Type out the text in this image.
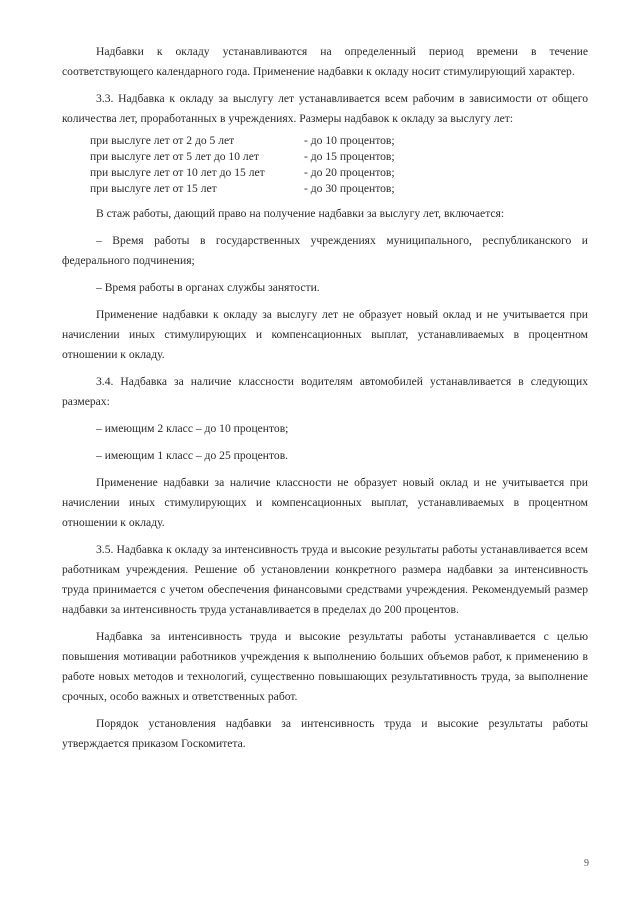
Надбавки к окладу устанавливаются на определенный период времени в течение соответствующего календарного года. Применение надбавки к окладу носит стимулирующий характер.

3.3. Надбавка к окладу за выслугу лет устанавливается всем рабочим в зависимости от общего количества лет, проработанных в учреждениях. Размеры надбавок к окладу за выслугу лет:

при выслуге лет от 2 до 5 лет	- до 10 процентов;
при выслуге лет от 5 лет до 10 лет	- до 15 процентов;
при выслуге лет от 10 лет до 15 лет	- до 20 процентов;
при выслуге лет от 15 лет	- до 30 процентов;

В стаж работы, дающий право на получение надбавки за выслугу лет, включается:

– Время работы в государственных учреждениях муниципального, республиканского и федерального подчинения;

– Время работы в органах службы занятости.

Применение надбавки к окладу за выслугу лет не образует новый оклад и не учитывается при начислении иных стимулирующих и компенсационных выплат, устанавливаемых в процентном отношении к окладу.

3.4. Надбавка за наличие классности водителям автомобилей устанавливается в следующих размерах:

– имеющим 2 класс – до 10 процентов;

– имеющим 1 класс – до 25 процентов.

Применение надбавки за наличие классности не образует новый оклад и не учитывается при начислении иных стимулирующих и компенсационных выплат, устанавливаемых в процентном отношении к окладу.

3.5. Надбавка к окладу за интенсивность труда и высокие результаты работы устанавливается всем работникам учреждения. Решение об установлении конкретного размера надбавки за интенсивность труда принимается с учетом обеспечения финансовыми средствами учреждения. Рекомендуемый размер надбавки за интенсивность труда устанавливается в пределах до 200 процентов.

Надбавка за интенсивность труда и высокие результаты работы устанавливается с целью повышения мотивации работников учреждения к выполнению больших объемов работ, к применению в работе новых методов и технологий, существенно повышающих результативность труда, за выполнение срочных, особо важных и ответственных работ.

Порядок установления надбавки за интенсивность труда и высокие результаты работы утверждается приказом Госкомитета.

9
